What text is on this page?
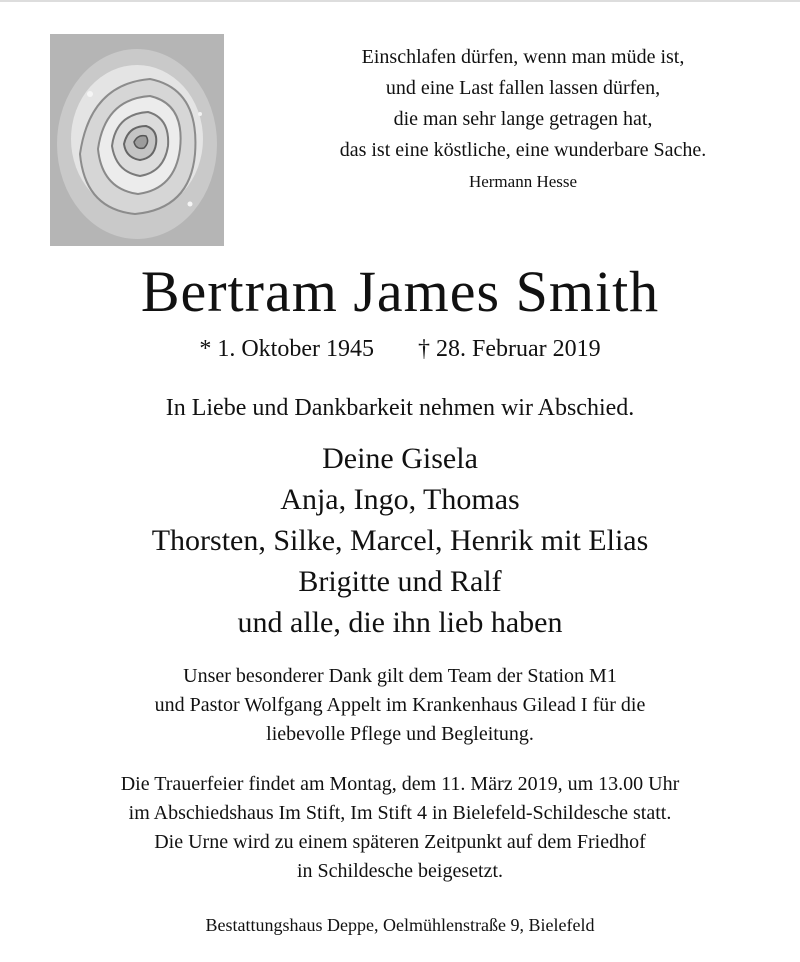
Einschlafen dürfen, wenn man müde ist,
und eine Last fallen lassen dürfen,
die man sehr lange getragen hat,
das ist eine köstliche, eine wunderbare Sache.
Hermann Hesse
Bertram James Smith
* 1. Oktober 1945 † 28. Februar 2019
In Liebe und Dankbarkeit nehmen wir Abschied.
Deine Gisela
Anja, Ingo, Thomas
Thorsten, Silke, Marcel, Henrik mit Elias
Brigitte und Ralf
und alle, die ihn lieb haben
Unser besonderer Dank gilt dem Team der Station M1
und Pastor Wolfgang Appelt im Krankenhaus Gilead I für die
liebevolle Pflege und Begleitung.
Die Trauerfeier findet am Montag, dem 11. März 2019, um 13.00 Uhr
im Abschiedshaus Im Stift, Im Stift 4 in Bielefeld-Schildesche statt.
Die Urne wird zu einem späteren Zeitpunkt auf dem Friedhof
in Schildesche beigesetzt.
Bestattungshaus Deppe, Oelmühlenstraße 9, Bielefeld
